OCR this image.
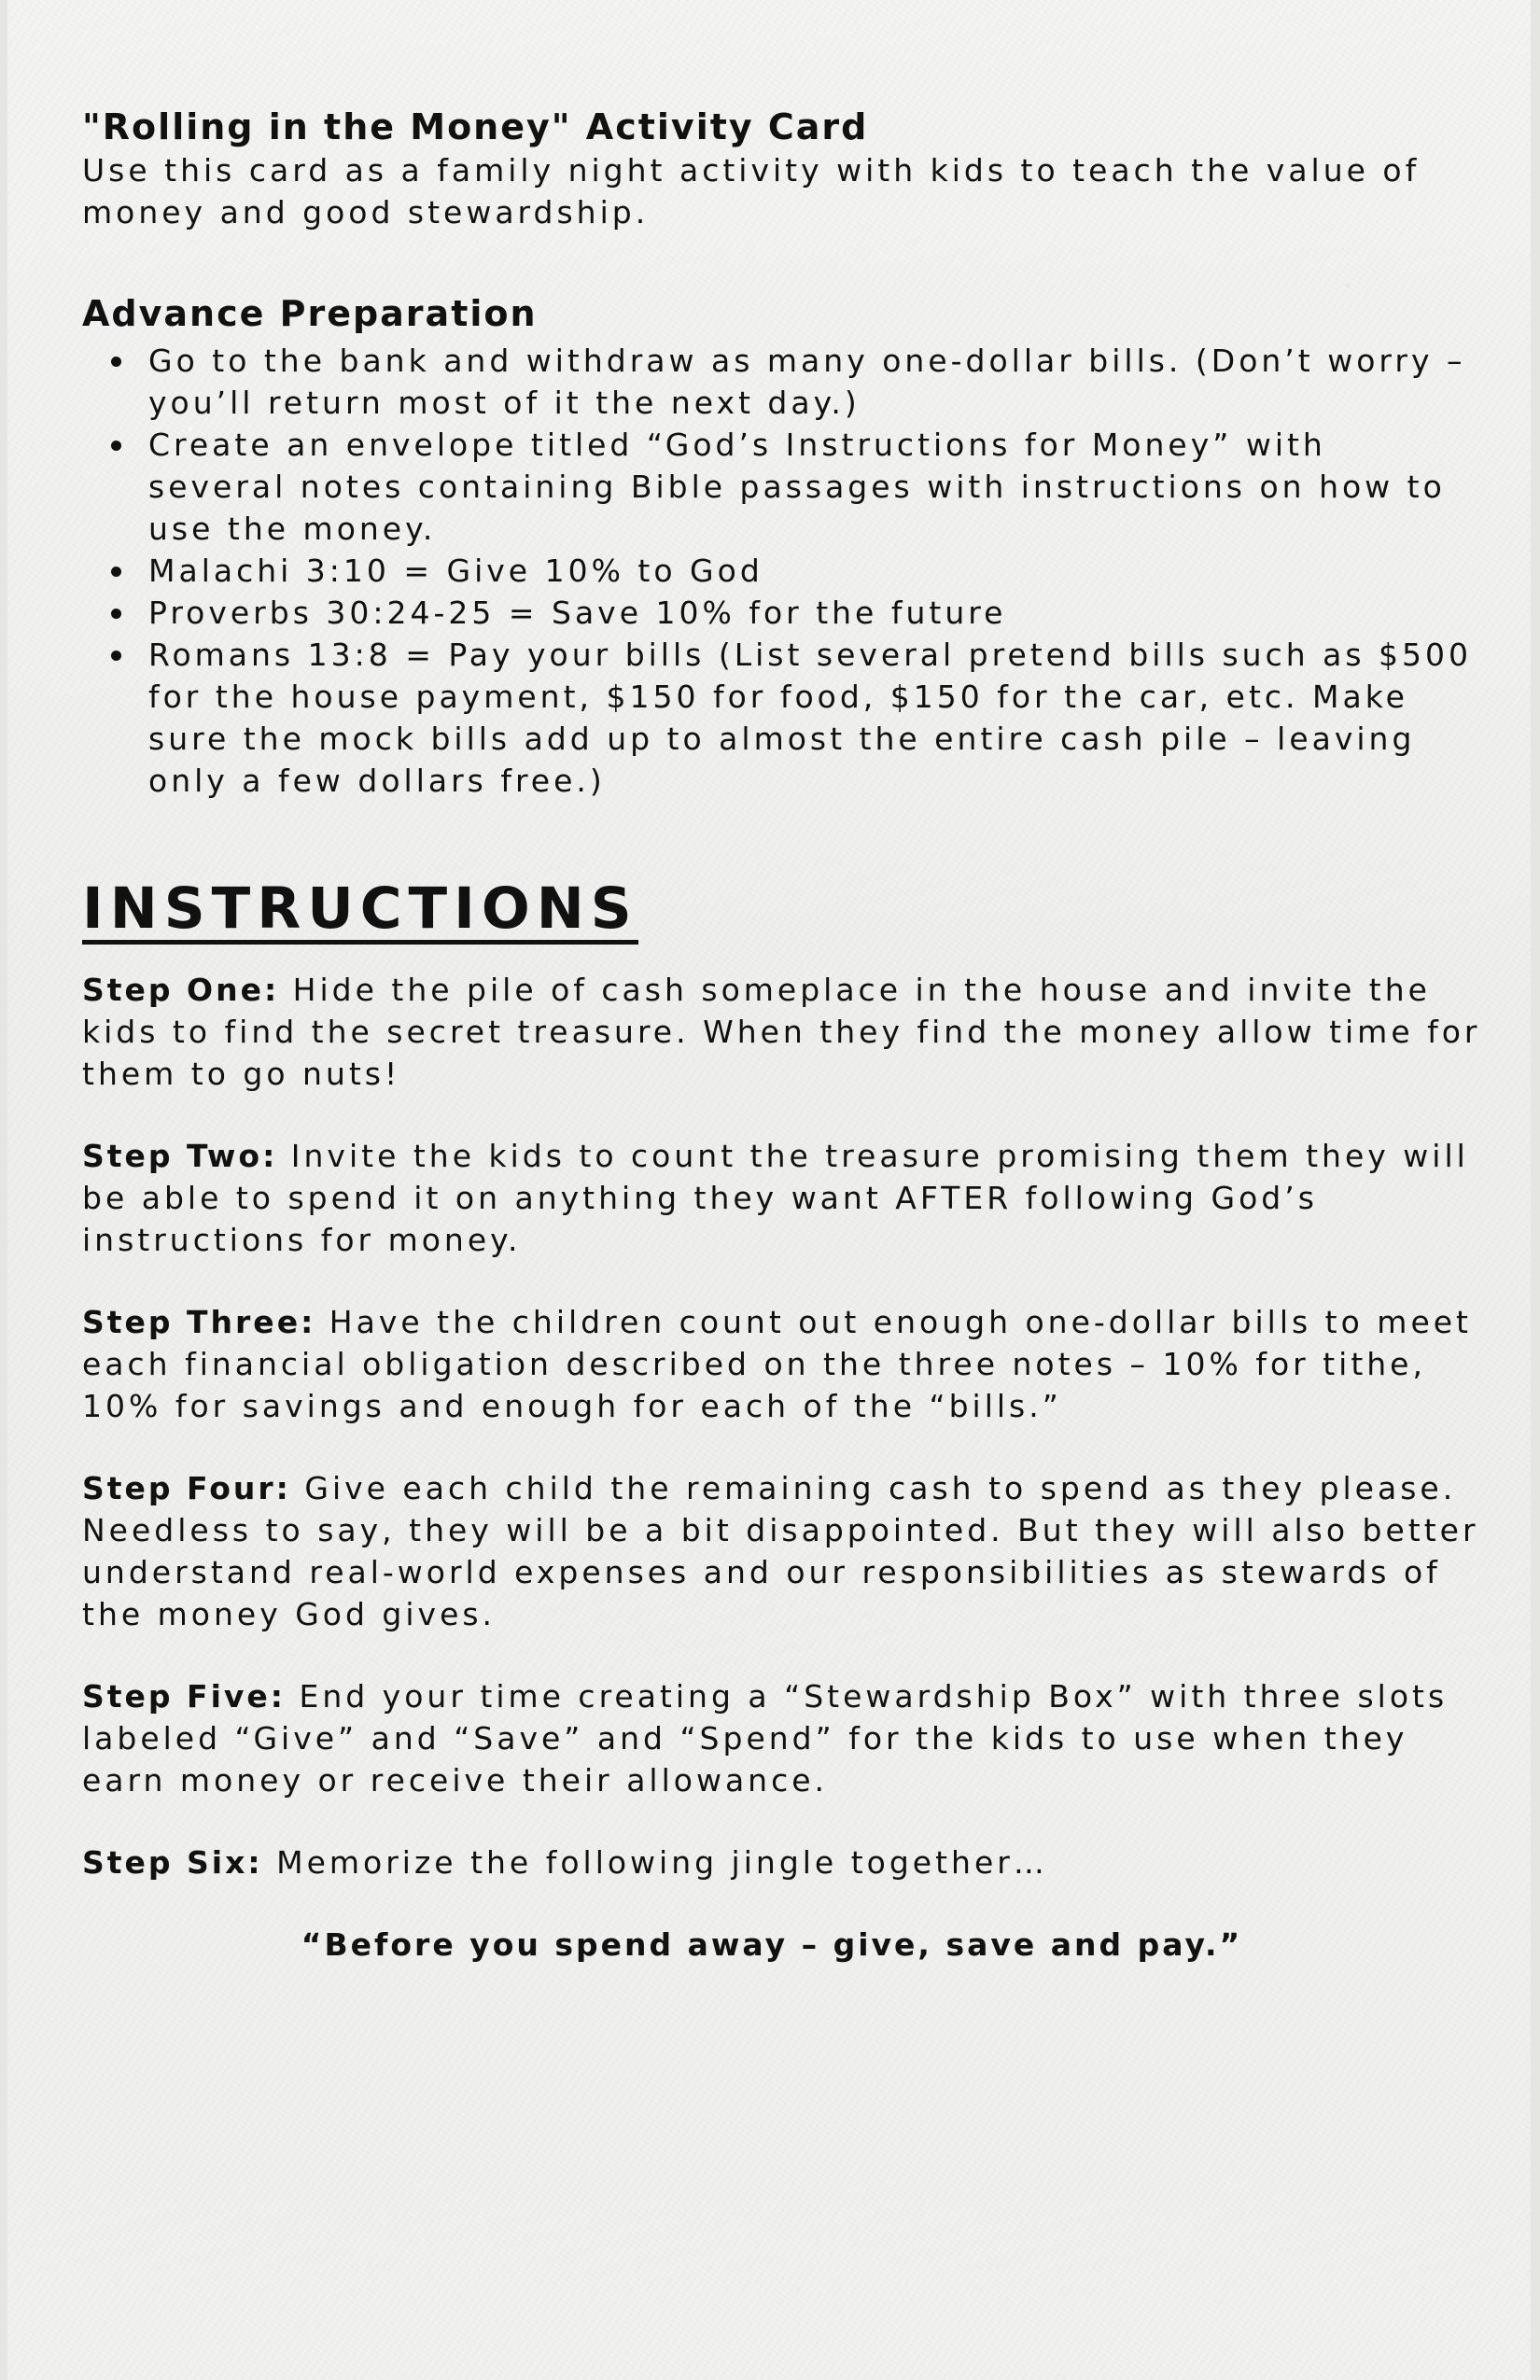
"Rolling in the Money" Activity Card

Use this card as a family night activity with kids to teach the value of money and good stewardship.

Advance Preparation
Go to the bank and withdraw as many one-dollar bills. (Don’t worry – you’ll return most of it the next day.)
Create an envelope titled “God’s Instructions for Money” with several notes containing Bible passages with instructions on how to use the money.
Malachi 3:10 = Give 10% to God
Proverbs 30:24-25 = Save 10% for the future
Romans 13:8 = Pay your bills (List several pretend bills such as $500 for the house payment, $150 for food, $150 for the car, etc. Make sure the mock bills add up to almost the entire cash pile – leaving only a few dollars free.)
INSTRUCTIONS

Step One: Hide the pile of cash someplace in the house and invite the kids to find the secret treasure. When they find the money allow time for them to go nuts!

Step Two: Invite the kids to count the treasure promising them they will be able to spend it on anything they want AFTER following God’s instructions for money.

Step Three: Have the children count out enough one-dollar bills to meet each financial obligation described on the three notes – 10% for tithe, 10% for savings and enough for each of the “bills.”

Step Four: Give each child the remaining cash to spend as they please. Needless to say, they will be a bit disappointed. But they will also better understand real-world expenses and our responsibilities as stewards of the money God gives.

Step Five: End your time creating a “Stewardship Box” with three slots labeled “Give” and “Save” and “Spend” for the kids to use when they earn money or receive their allowance.

Step Six: Memorize the following jingle together…

“Before you spend away – give, save and pay.”
